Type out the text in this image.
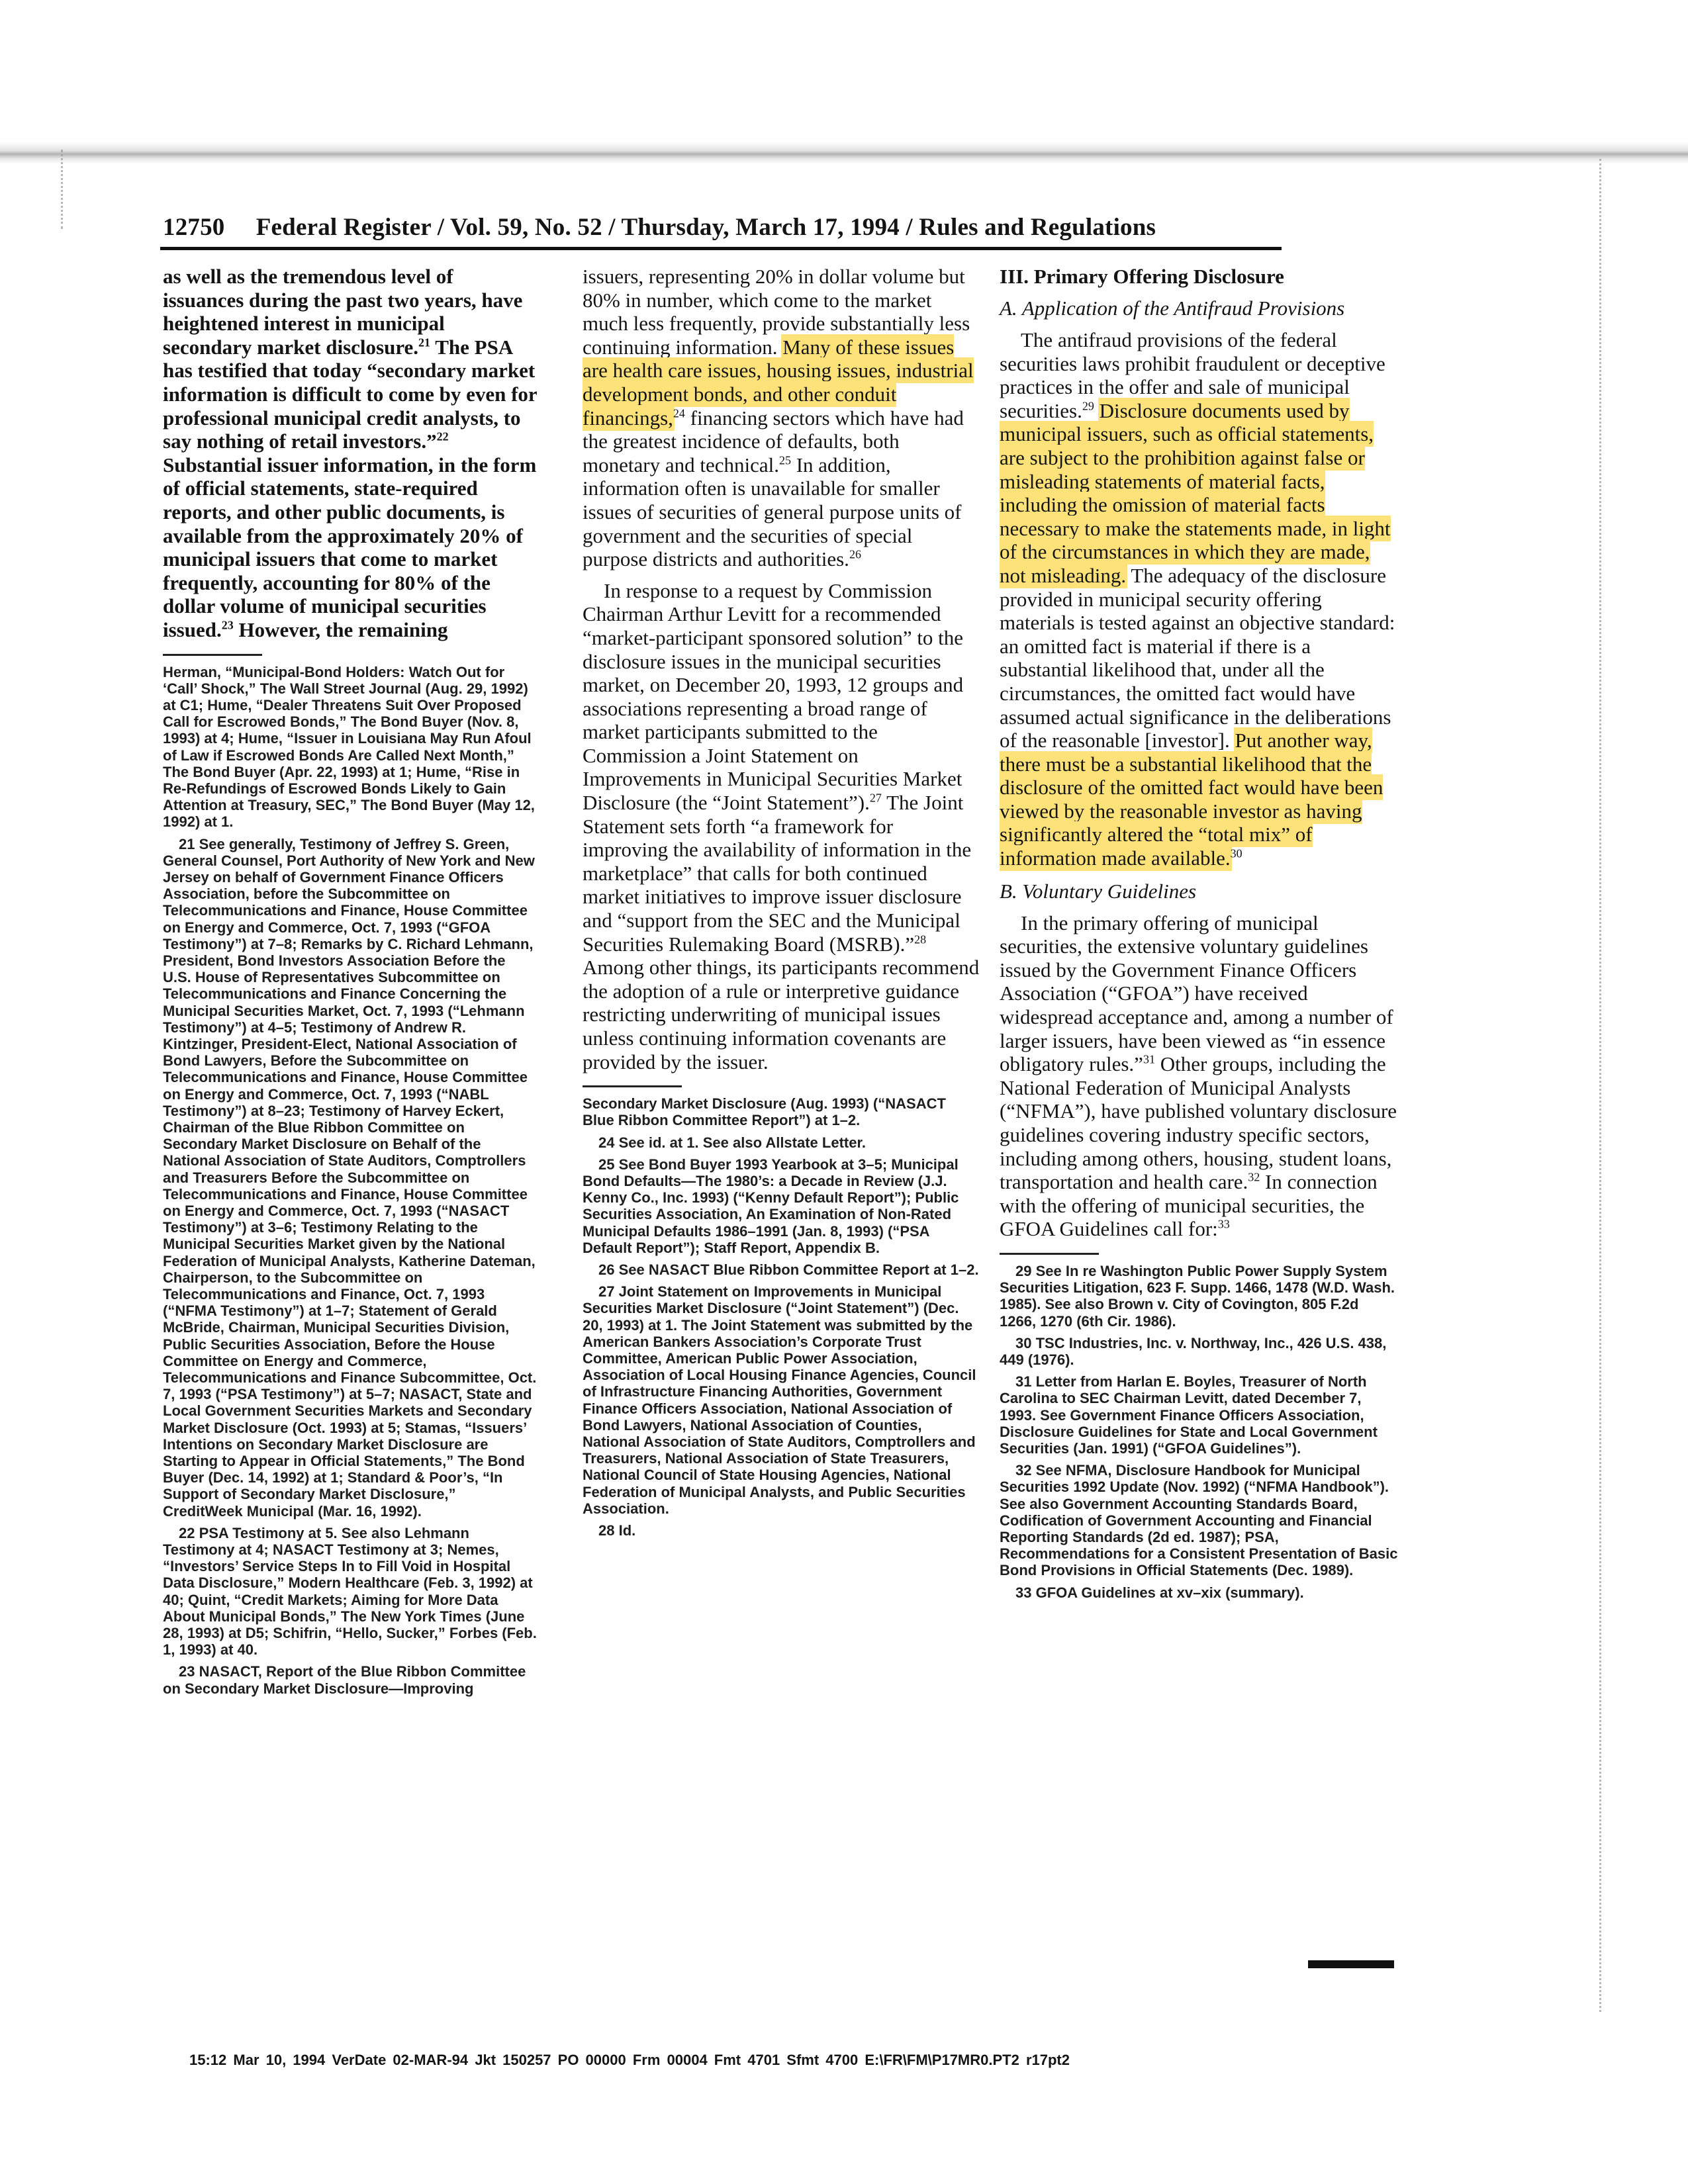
12750 Federal Register / Vol. 59, No. 52 / Thursday, March 17, 1994 / Rules and Regulations

as well as the tremendous level of issuances during the past two years, have heightened interest in municipal secondary market disclosure.$^{21}$ The PSA has testified that today “secondary market information is difficult to come by even for professional municipal credit analysts, to say nothing of retail investors.”$^{22}$ Substantial issuer information, in the form of official statements, state-required reports, and other public documents, is available from the approximately 20% of municipal issuers that come to market frequently, accounting for 80% of the dollar volume of municipal securities issued.$^{23}$ However, the remaining

Herman, “Municipal-Bond Holders: Watch Out for ‘Call’ Shock,” The Wall Street Journal (Aug. 29, 1992) at C1; Hume, “Dealer Threatens Suit Over Proposed Call for Escrowed Bonds,” The Bond Buyer (Nov. 8, 1993) at 4; Hume, “Issuer in Louisiana May Run Afoul of Law if Escrowed Bonds Are Called Next Month,” The Bond Buyer (Apr. 22, 1993) at 1; Hume, “Rise in Re-Refundings of Escrowed Bonds Likely to Gain Attention at Treasury, SEC,” The Bond Buyer (May 12, 1992) at 1.

21 See generally, Testimony of Jeffrey S. Green, General Counsel, Port Authority of New York and New Jersey on behalf of Government Finance Officers Association, before the Subcommittee on Telecommunications and Finance, House Committee on Energy and Commerce, Oct. 7, 1993 (“GFOA Testimony”) at 7–8; Remarks by C. Richard Lehmann, President, Bond Investors Association Before the U.S. House of Representatives Subcommittee on Telecommunications and Finance Concerning the Municipal Securities Market, Oct. 7, 1993 (“Lehmann Testimony”) at 4–5; Testimony of Andrew R. Kintzinger, President-Elect, National Association of Bond Lawyers, Before the Subcommittee on Telecommunications and Finance, House Committee on Energy and Commerce, Oct. 7, 1993 (“NABL Testimony”) at 8–23; Testimony of Harvey Eckert, Chairman of the Blue Ribbon Committee on Secondary Market Disclosure on Behalf of the National Association of State Auditors, Comptrollers and Treasurers Before the Subcommittee on Telecommunications and Finance, House Committee on Energy and Commerce, Oct. 7, 1993 (“NASACT Testimony”) at 3–6; Testimony Relating to the Municipal Securities Market given by the National Federation of Municipal Analysts, Katherine Dateman, Chairperson, to the Subcommittee on Telecommunications and Finance, Oct. 7, 1993 (“NFMA Testimony”) at 1–7; Statement of Gerald McBride, Chairman, Municipal Securities Division, Public Securities Association, Before the House Committee on Energy and Commerce, Telecommunications and Finance Subcommittee, Oct. 7, 1993 (“PSA Testimony”) at 5–7; NASACT, State and Local Government Securities Markets and Secondary Market Disclosure (Oct. 1993) at 5; Stamas, “Issuers’ Intentions on Secondary Market Disclosure are Starting to Appear in Official Statements,” The Bond Buyer (Dec. 14, 1992) at 1; Standard & Poor’s, “In Support of Secondary Market Disclosure,” CreditWeek Municipal (Mar. 16, 1992).

22 PSA Testimony at 5. See also Lehmann Testimony at 4; NASACT Testimony at 3; Nemes, “Investors’ Service Steps In to Fill Void in Hospital Data Disclosure,” Modern Healthcare (Feb. 3, 1992) at 40; Quint, “Credit Markets; Aiming for More Data About Municipal Bonds,” The New York Times (June 28, 1993) at D5; Schifrin, “Hello, Sucker,” Forbes (Feb. 1, 1993) at 40.

23 NASACT, Report of the Blue Ribbon Committee on Secondary Market Disclosure—Improving

issuers, representing 20% in dollar volume but 80% in number, which come to the market much less frequently, provide substantially less continuing information. Many of these issues are health care issues, housing issues, industrial development bonds, and other conduit financings,$^{24}$ financing sectors which have had the greatest incidence of defaults, both monetary and technical.$^{25}$ In addition, information often is unavailable for smaller issues of securities of general purpose units of government and the securities of special purpose districts and authorities.$^{26}$

In response to a request by Commission Chairman Arthur Levitt for a recommended “market-participant sponsored solution” to the disclosure issues in the municipal securities market, on December 20, 1993, 12 groups and associations representing a broad range of market participants submitted to the Commission a Joint Statement on Improvements in Municipal Securities Market Disclosure (the “Joint Statement”).$^{27}$ The Joint Statement sets forth “a framework for improving the availability of information in the marketplace” that calls for both continued market initiatives to improve issuer disclosure and “support from the SEC and the Municipal Securities Rulemaking Board (MSRB).”$^{28}$ Among other things, its participants recommend the adoption of a rule or interpretive guidance restricting underwriting of municipal issues unless continuing information covenants are provided by the issuer.

Secondary Market Disclosure (Aug. 1993) (“NASACT Blue Ribbon Committee Report”) at 1–2.

24 See id. at 1. See also Allstate Letter.

25 See Bond Buyer 1993 Yearbook at 3–5; Municipal Bond Defaults—The 1980’s: a Decade in Review (J.J. Kenny Co., Inc. 1993) (“Kenny Default Report”); Public Securities Association, An Examination of Non-Rated Municipal Defaults 1986–1991 (Jan. 8, 1993) (“PSA Default Report”); Staff Report, Appendix B.

26 See NASACT Blue Ribbon Committee Report at 1–2.

27 Joint Statement on Improvements in Municipal Securities Market Disclosure (“Joint Statement”) (Dec. 20, 1993) at 1. The Joint Statement was submitted by the American Bankers Association’s Corporate Trust Committee, American Public Power Association, Association of Local Housing Finance Agencies, Council of Infrastructure Financing Authorities, Government Finance Officers Association, National Association of Bond Lawyers, National Association of Counties, National Association of State Auditors, Comptrollers and Treasurers, National Association of State Treasurers, National Council of State Housing Agencies, National Federation of Municipal Analysts, and Public Securities Association.

28 Id.

III. Primary Offering Disclosure
A. Application of the Antifraud Provisions

The antifraud provisions of the federal securities laws prohibit fraudulent or deceptive practices in the offer and sale of municipal securities.$^{29}$ Disclosure documents used by municipal issuers, such as official statements, are subject to the prohibition against false or misleading statements of material facts, including the omission of material facts necessary to make the statements made, in light of the circumstances in which they are made, not misleading. The adequacy of the disclosure provided in municipal security offering materials is tested against an objective standard: an omitted fact is material if there is a substantial likelihood that, under all the circumstances, the omitted fact would have assumed actual significance in the deliberations of the reasonable [investor]. Put another way, there must be a substantial likelihood that the disclosure of the omitted fact would have been viewed by the reasonable investor as having significantly altered the “total mix” of information made available.$^{30}$

B. Voluntary Guidelines

In the primary offering of municipal securities, the extensive voluntary guidelines issued by the Government Finance Officers Association (“GFOA”) have received widespread acceptance and, among a number of larger issuers, have been viewed as “in essence obligatory rules.”$^{31}$ Other groups, including the National Federation of Municipal Analysts (“NFMA”), have published voluntary disclosure guidelines covering industry specific sectors, including among others, housing, student loans, transportation and health care.$^{32}$ In connection with the offering of municipal securities, the GFOA Guidelines call for:$^{33}$

29 See In re Washington Public Power Supply System Securities Litigation, 623 F. Supp. 1466, 1478 (W.D. Wash. 1985). See also Brown v. City of Covington, 805 F.2d 1266, 1270 (6th Cir. 1986).

30 TSC Industries, Inc. v. Northway, Inc., 426 U.S. 438, 449 (1976).

31 Letter from Harlan E. Boyles, Treasurer of North Carolina to SEC Chairman Levitt, dated December 7, 1993. See Government Finance Officers Association, Disclosure Guidelines for State and Local Government Securities (Jan. 1991) (“GFOA Guidelines”).

32 See NFMA, Disclosure Handbook for Municipal Securities 1992 Update (Nov. 1992) (“NFMA Handbook”). See also Government Accounting Standards Board, Codification of Government Accounting and Financial Reporting Standards (2d ed. 1987); PSA, Recommendations for a Consistent Presentation of Basic Bond Provisions in Official Statements (Dec. 1989).

33 GFOA Guidelines at xv–xix (summary).

15:12 Mar 10, 1994 VerDate 02-MAR-94 Jkt 150257 PO 00000 Frm 00004 Fmt 4701 Sfmt 4700 E:\FR\FM\P17MR0.PT2 r17pt2
